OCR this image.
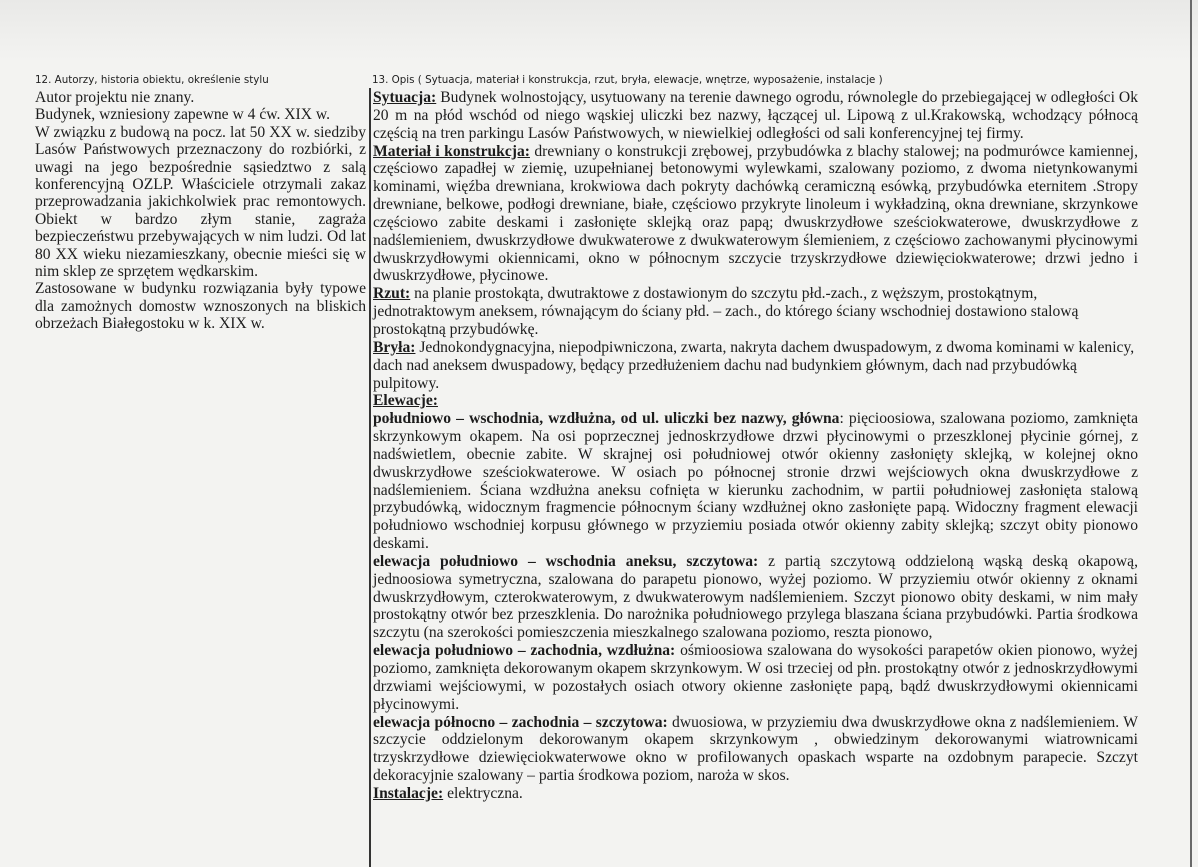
12. Autorzy, historia obiektu, określenie stylu	13. Opis ( Sytuacja, materiał i konstrukcja, rzut, bryła, elewacje, wnętrze, wyposażenie, instalacje )

Autor projektu nie znany.

Budynek, wzniesiony zapewne w 4 ćw. XIX w.

W związku z budową na pocz. lat 50 XX w. siedziby Lasów Państwowych przeznaczony do rozbiórki, z uwagi na jego bezpośrednie sąsiedztwo z salą konferencyjną OZLP. Właściciele otrzymali zakaz przeprowadzania jakichkolwiek prac remontowych. Obiekt w bardzo złym stanie, zagraża bezpieczeństwu przebywających w nim ludzi. Od lat 80 XX wieku niezamieszkany, obecnie mieści się w nim sklep ze sprzętem wędkarskim.

Zastosowane w budynku rozwiązania były typowe dla zamożnych domostw wznoszonych na bliskich obrzeżach Białegostoku w k. XIX w.

Sytuacja: Budynek wolnostojący, usytuowany na terenie dawnego ogrodu, równolegle do przebiegającej w odległości Ok 20 m na płód wschód od niego wąskiej uliczki bez nazwy, łączącej ul. Lipową z ul.Krakowską, wchodzący północą częścią na tren parkingu Lasów Państwowych, w niewielkiej odległości od sali konferencyjnej tej firmy.

Materiał i konstrukcja: drewniany o konstrukcji zrębowej, przybudówka z blachy stalowej; na podmurówce kamiennej, częściowo zapadłej w ziemię, uzupełnianej betonowymi wylewkami, szalowany poziomo, z dwoma nietynkowanymi kominami, więźba drewniana, krokwiowa dach pokryty dachówką ceramiczną esówką, przybudówka eternitem .Stropy drewniane, belkowe, podłogi drewniane, białe, częściowo przykryte linoleum i wykładziną, okna drewniane, skrzynkowe częściowo zabite deskami i zasłonięte sklejką oraz papą; dwuskrzydłowe sześciokwaterowe, dwuskrzydłowe z nadślemieniem, dwuskrzydłowe dwukwaterowe z dwukwaterowym ślemieniem, z częściowo zachowanymi płycinowymi dwuskrzydłowymi okiennicami, okno w północnym szczycie trzyskrzydłowe dziewięciokwaterowe; drzwi jedno i dwuskrzydłowe, płycinowe.

Rzut: na planie prostokąta, dwutraktowe z dostawionym do szczytu płd.-zach., z węższym, prostokątnym, jednotraktowym aneksem, równającym do ściany płd. – zach., do którego ściany wschodniej dostawiono stalową prostokątną przybudówkę.

Bryła: Jednokondygnacyjna, niepodpiwniczona, zwarta, nakryta dachem dwuspadowym, z dwoma kominami w kalenicy, dach nad aneksem dwuspadowy, będący przedłużeniem dachu nad budynkiem głównym, dach nad przybudówką pulpitowy.

Elewacje:

południowo – wschodnia, wzdłużna, od ul. uliczki bez nazwy, główna: pięcioosiowa, szalowana poziomo, zamknięta skrzynkowym okapem. Na osi poprzecznej jednoskrzydłowe drzwi płycinowymi o przeszklonej płycinie górnej, z nadświetlem, obecnie zabite. W skrajnej osi południowej otwór okienny zasłonięty sklejką, w kolejnej okno dwuskrzydłowe sześciokwaterowe. W osiach po północnej stronie drzwi wejściowych okna dwuskrzydłowe z nadślemieniem. Ściana wzdłużna aneksu cofnięta w kierunku zachodnim, w partii południowej zasłonięta stalową przybudówką, widocznym fragmencie północnym ściany wzdłużnej okno zasłonięte papą. Widoczny fragment elewacji południowo wschodniej korpusu głównego w przyziemiu posiada otwór okienny zabity sklejką; szczyt obity pionowo deskami.

elewacja południowo – wschodnia aneksu, szczytowa: z partią szczytową oddzieloną wąską deską okapową, jednoosiowa symetryczna, szalowana do parapetu pionowo, wyżej poziomo. W przyziemiu otwór okienny z oknami dwuskrzydłowym, czterokwaterowym, z dwukwaterowym nadślemieniem. Szczyt pionowo obity deskami, w nim mały prostokątny otwór bez przeszklenia. Do narożnika południowego przylega blaszana ściana przybudówki. Partia środkowa szczytu (na szerokości pomieszczenia mieszkalnego szalowana poziomo, reszta pionowo,

elewacja południowo – zachodnia, wzdłużna: ośmioosiowa szalowana do wysokości parapetów okien pionowo, wyżej poziomo, zamknięta dekorowanym okapem skrzynkowym. W osi trzeciej od płn. prostokątny otwór z jednoskrzydłowymi drzwiami wejściowymi, w pozostałych osiach otwory okienne zasłonięte papą, bądź dwuskrzydłowymi okiennicami płycinowymi.

elewacja północno – zachodnia – szczytowa: dwuosiowa, w przyziemiu dwa dwuskrzydłowe okna z nadślemieniem. W szczycie oddzielonym dekorowanym okapem skrzynkowym , obwiedzinym dekorowanymi wiatrownicami trzyskrzydłowe dziewięciokwaterwowe okno w profilowanych opaskach wsparte na ozdobnym parapecie. Szczyt dekoracyjnie szalowany – partia środkowa poziom, naroża w skos.

Instalacje: elektryczna.
